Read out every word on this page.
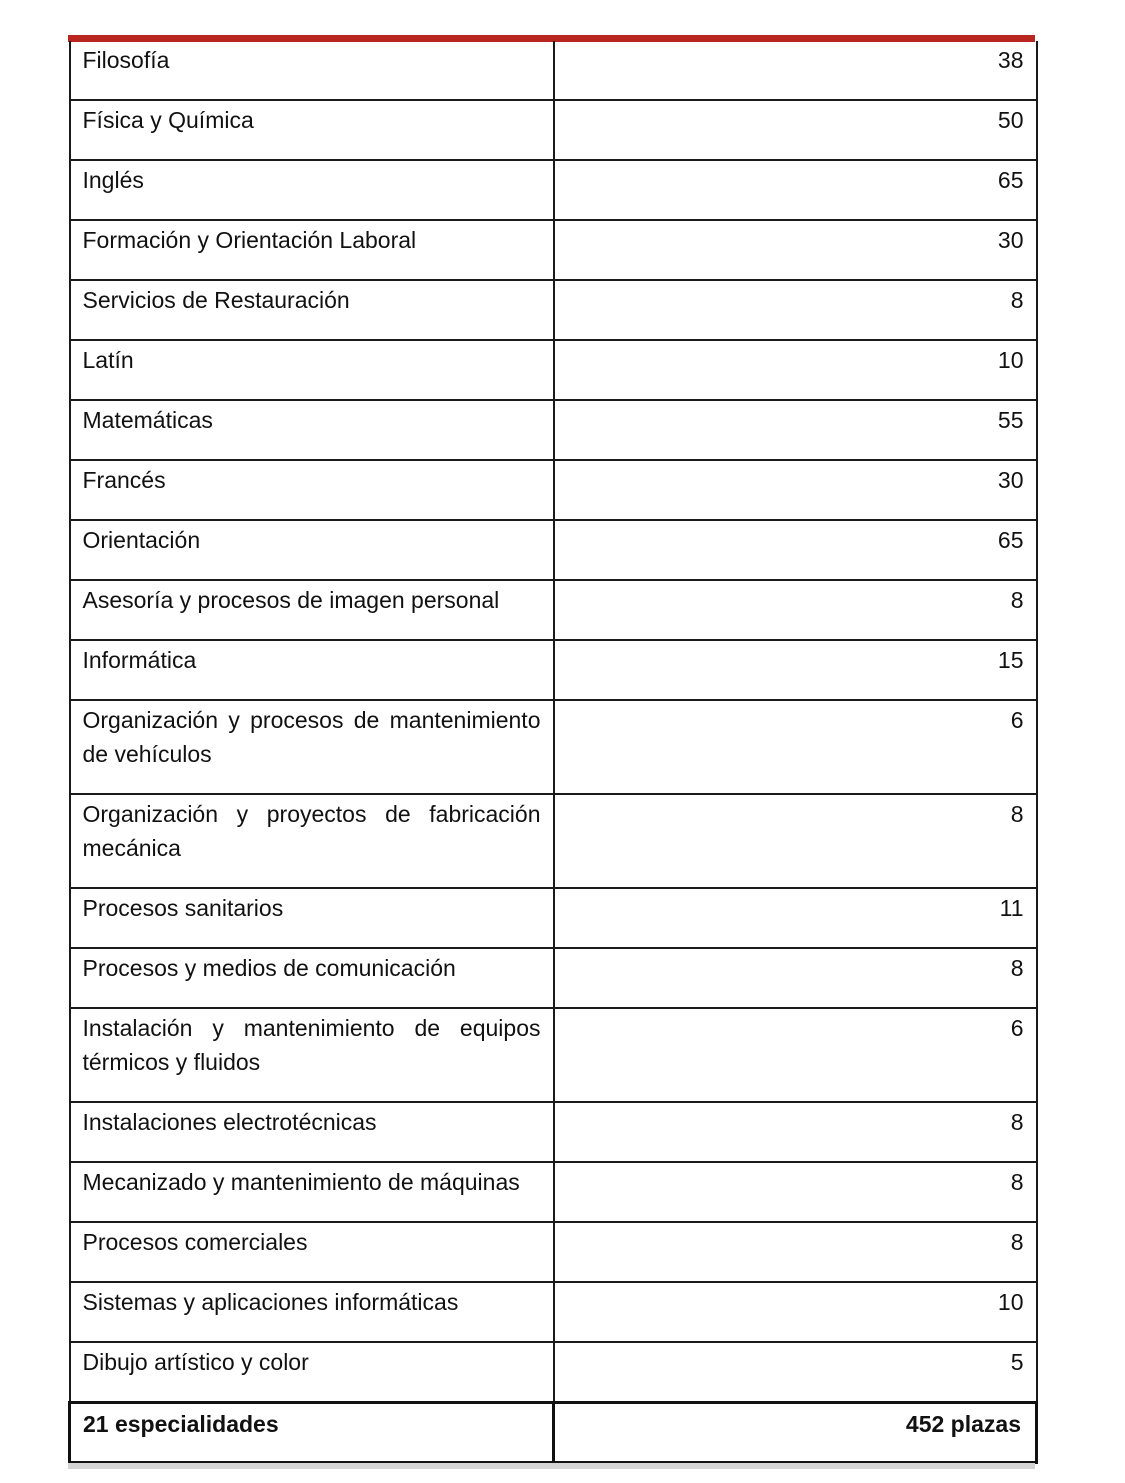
Filosofía	38
Física y Química	50
Inglés	65
Formación y Orientación Laboral	30
Servicios de Restauración	8
Latín	10
Matemáticas	55
Francés	30
Orientación	65
Asesoría y procesos de imagen personal	8
Informática	15
Organización y procesos de mantenimiento de vehículos	6
Organización y proyectos de fabricación mecánica	8
Procesos sanitarios	11
Procesos y medios de comunicación	8
Instalación y mantenimiento de equipos térmicos y fluidos	6
Instalaciones electrotécnicas	8
Mecanizado y mantenimiento de máquinas	8
Procesos comerciales	8
Sistemas y aplicaciones informáticas	10
Dibujo artístico y color	5
21 especialidades	452 plazas
